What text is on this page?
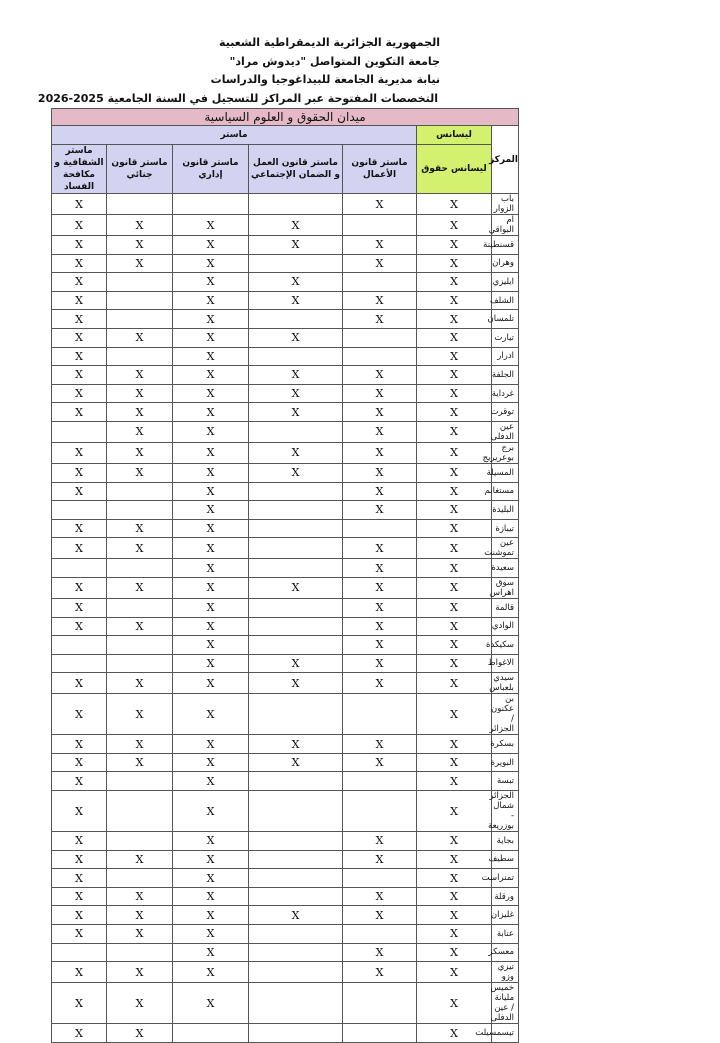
الجمهورية الجزائرية الديمقراطية الشعبية
جامعة التكوين المتواصل "ديدوش مراد"
نيابة مديرية الجامعة للبيداغوجيا والدراسات
التخصصات المفتوحة عبر المراكز للتسجيل في السنة الجامعية 2025-2026
ميدان الحقوق و العلوم السياسية						
ماستر					ليسانس	المركز
ماستر الشفافية و مكافحة الفساد	ماستر قانون جنائي	ماستر قانون إداري	ماستر قانون العمل و الضمان الإجتماعي	ماستر قانون الأعمال	ليسانس حقوق	
X				X	X	باب الزوار
X	X	X	X		X	ام البواقي
X	X	X	X	X	X	قسنطينة
X	X	X		X	X	وهران
X		X	X		X	ايليزي
X		X	X	X	X	الشلف
X		X		X	X	تلمسان
X	X	X	X		X	تيارت
X		X			X	ادرار
X	X	X	X	X	X	الجلفة
X	X	X	X	X	X	غرداية
X	X	X	X	X	X	توقرت
	X	X		X	X	عين الدفلى
X	X	X	X	X	X	برج بوعريريج
X	X	X	X	X	X	المسيلة
X		X		X	X	مستغانم
		X		X	X	البليدة
X	X	X			X	تيبازة
X	X	X		X	X	عين تموشنت
		X		X	X	سعيدة
X	X	X	X	X	X	سوق اهراس
X		X		X	X	قالمة
X	X	X		X	X	الوادي
		X		X	X	سكيكدة
		X	X	X	X	الاغواط
X	X	X	X	X	X	سيدي بلعباس
X	X	X			X	بن عكنون / الجزائر
X	X	X	X	X	X	بسكرة
X	X	X	X	X	X	البويرة
X		X			X	تبسة
X		X			X	الجزائر شمال - بوزريعة
X		X		X	X	بجاية
X	X	X		X	X	سطيف
X		X			X	تمنراست
X	X	X		X	X	ورقلة
X	X	X	X	X	X	غليزان
X	X	X			X	عنابة
		X		X	X	معسكر
X	X	X		X	X	تيزي وزو
X	X	X			X	خميس مليانة / عين الدفلى
X	X				X	تيسمسيلت
